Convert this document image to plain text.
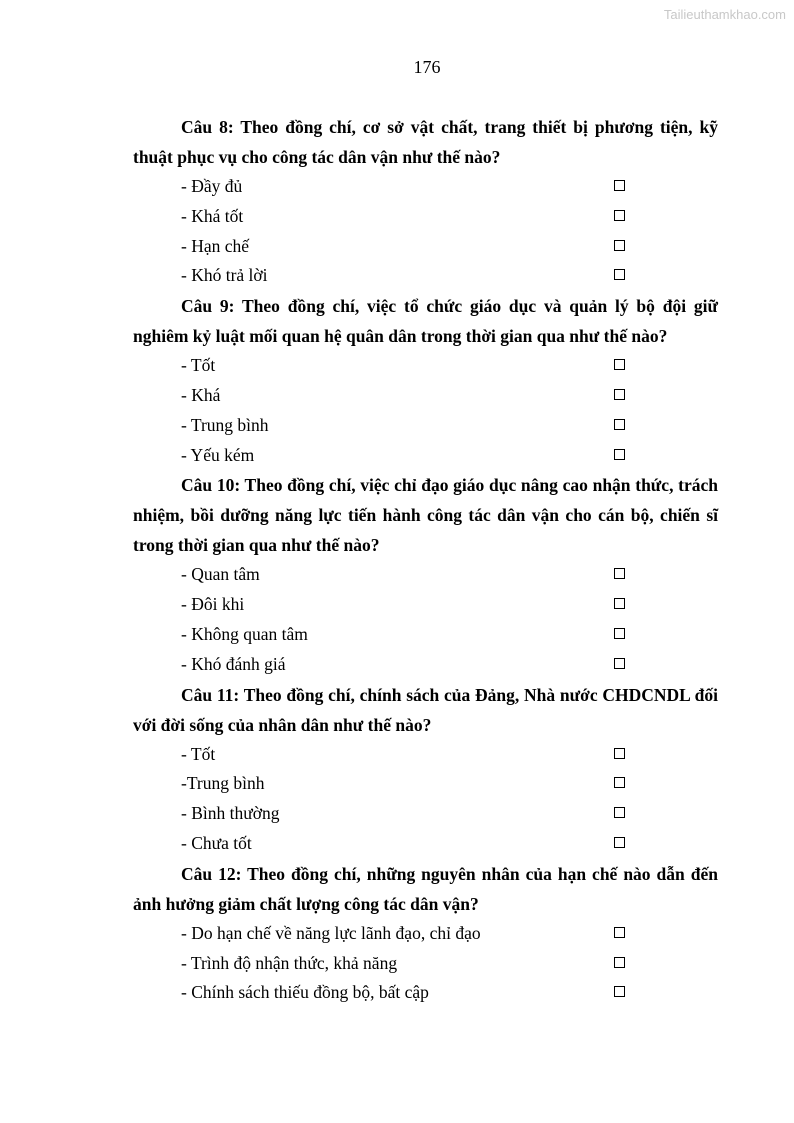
Tailieuthamkhao.com
176

Câu 8: Theo đồng chí, cơ sở vật chất, trang thiết bị phương tiện, kỹ thuật phục vụ cho công tác dân vận như thế nào?

- Đầy đủ
- Khá tốt
- Hạn chế
- Khó trả lời

Câu 9: Theo đồng chí, việc tổ chức giáo dục và quản lý bộ đội giữ nghiêm kỷ luật mối quan hệ quân dân trong thời gian qua như thế nào?

- Tốt
- Khá
- Trung bình
- Yếu kém

Câu 10: Theo đồng chí, việc chỉ đạo giáo dục nâng cao nhận thức, trách nhiệm, bồi dưỡng năng lực tiến hành công tác dân vận cho cán bộ, chiến sĩ trong thời gian qua như thế nào?

- Quan tâm
- Đôi khi
- Không quan tâm
- Khó đánh giá

Câu 11: Theo đồng chí, chính sách của Đảng, Nhà nước CHDCNDL đối với đời sống của nhân dân như thế nào?

- Tốt
-Trung bình
- Bình thường
- Chưa tốt

Câu 12: Theo đồng chí, những nguyên nhân của hạn chế nào dẫn đến ảnh hưởng giảm chất lượng công tác dân vận?

- Do hạn chế về năng lực lãnh đạo, chỉ đạo
- Trình độ nhận thức, khả năng
- Chính sách thiếu đồng bộ, bất cập
